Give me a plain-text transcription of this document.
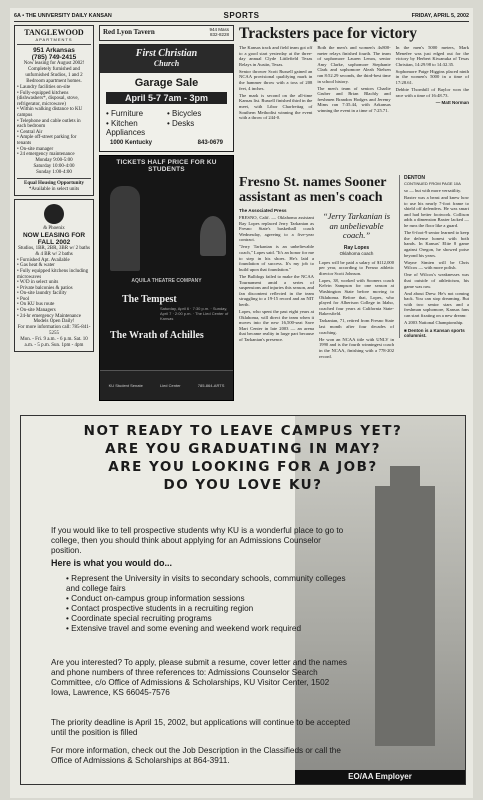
6A • THE UNIVERSITY DAILY KANSAN	SPORTS	FRIDAY, APRIL 5, 2002
TANGLEWOOD
APARTMENTS
951 Arkansas
(785) 749-2415

Now leasing for August 2002! Completely furnished and unfurnished Studios, 1 and 2 Bedroom apartment homes.

• Laundry facilities on-site
• Fully-equipped kitchens (dishwashers*, disposal, stove, refrigerator, microwave)
• Within walking distance to KU campus
• Telephone and cable outlets in each bedroom
• Central Air
• Ample off-street parking for tenants
• On-site manager
• 24 emergency maintenance

Monday 9:00-5:00

Saturday 10:00-4:00

Sunday 1:00-4:00

Equal Housing Opportunity

*Available in select units

& Phoenix

NOW LEASING FOR FALL 2002

Studios, 1BR, 2BR, 3BR w/ 2 baths & 4 BR w/ 2 baths

• Furnished Apt. Available
• Gas heat & water
• Fully equipped kitchens including microwaves
• W/D in select units
• Private balconies & patios
• On-site laundry facility
• Pool
• On KU bus route
• On-site Managers
• 24-hr emergency Maintenance

Models Open Daily!

For more information call: 785-841-5255

Mon. - Fri. 9 a.m. - 6 p.m. Sat. 10 a.m. - 5 p.m. Sun. 1pm - 4pm

Red Lyon Tavern	944 Mass
832-8228
First Christian
Church
Garage Sale
April 5-7 7am - 3pm
• Furniture	• Bicycles
• Kitchen Appliances
• Desks
1000 Kentucky	843-0679
TICKETS HALF PRICE FOR KU STUDENTS
AQUILA THEATRE COMPANY
The Tempest
The Wrath of Achilles
Saturday, April 6 · 7:30 p.m. · Sunday, April 7 · 2:00 p.m. · The Lied Center of Kansas
KU Student Senate	Lied Center	785-864-ARTS
Tracksters pace for victory

The Kansas track and field team got off to a good start yesterday at the three-day annual Clyde Littlefield Texas Relays in Austin, Texas.

Senior thrower Scott Russell gained an NCAA provisional qualifying mark in the hammer throw with a toss of 208 feet, 4 inches.

The mark is second on the all-time Kansas list. Russell finished third in the meet, with Libor Charfreitag of Southern Methodist winning the event with a throw of 244-0.

Both the men's and women's 4x800-meter relays finished fourth. The team of sophomore Lauren Lenox, senior Amy Clarke, sophomore Stephanie Clark and sophomore Aleah Nielsen ran 8:52.29 seconds, the third-best time in school history.

The men's team of seniors Charlie Gruber and Brian Blachly and freshmen Brandon Hodges and Jeremy Mims ran 7:35.44, with Arkansas winning the event in a time of 7:25.71.

In the men's 5000 meters, Mark Menefee was just edged out for the victory by Herbert Kiwanuka of Texas Christian, 14:29.98 to 14:32.35.

Sophomore Paige Higgins placed ninth in the women's 5000 in a time of 17:28.61.

Debbie Thornhill of Baylor won the race with a time of 16:48.73.

— Matt Norman
Fresno St. names Sooner assistant as men's coach
The Associated Press

FRESNO, Calif. — Oklahoma assistant Ray Lopes replaced Jerry Tarkanian as Fresno State's basketball coach Wednesday, agreeing to a five-year contract.

"Jerry Tarkanian is an unbelievable coach," Lopes said. "It's an honor for me to step in his shoes. He's laid a foundation of success. It's my job to build upon that foundation."

The Bulldogs failed to make the NCAA Tournament amid a series of suspensions and injuries this season, and fan discontent reflected in the team struggling to a 19-15 record and an NIT berth.

Lopes, who spent the past eight years at Oklahoma, will direct the team when it moves into the new 16,500-seat Save Mart Center in late 2003 — an arena that became reality in large part because of Tarkanian's presence.

“Jerry Tarkanian is an unbelievable coach.”
Ray Lopes
Oklahoma coach

Lopes will be paid a salary of $112,000 per year, according to Fresno athletic director Scott Johnson.

Lopes, 38, worked with Sooners coach Kelvin Sampson for one season at Washington State before moving to Oklahoma. Before that, Lopes, who played for Albertson College in Idaho, coached four years at California State-Bakersfield.

Tarkanian, 71, retired from Fresno State last month after four decades of coaching.

He won an NCAA title with UNLV in 1990 and is the fourth winningest coach in the NCAA, finishing with a 778-202 record.

DENTON
CONTINUED FROM PAGE 10A

so — but with more versatility.

Baxter was a beast and knew how to use his nearly 7-foot frame to shield off defenders. He was smart and had better footwork. Collison adds a dimension Baxter lacked — he runs the floor like a guard.

The 6-foot-9 senior learned to keep the defense honest with both hands. In Kansas' Elite 8 game against Oregon, he showed poise beyond his years.

Wayne Simien will be Chris Wilcox — with more polish.

One of Wilcox's weaknesses was that outside of athleticism, his game was raw.

And about Drew. He's not coming back. You can stop dreaming. But with two senior stars and a freshman sophomore, Kansas fans can start fixating on a new dream:

A 2003 National Championship.

■ Denton is a Kansan sports columnist.
NOT READY TO LEAVE CAMPUS YET?
ARE YOU GRADUATING IN MAY?
ARE YOU LOOKING FOR A JOB?
DO YOU LOVE KU?
If you would like to tell prospective students why KU is a wonderful place to go to college, then you should think about applying for an Admissions Counselor position.
Here is what you would do...
• Represent the University in visits to secondary schools, community colleges and college fairs
• Conduct on-campus group information sessions
• Contact prospective students in a recruiting region
• Coordinate special recruiting programs
• Extensive travel and some evening and weekend work required
Are you interested? To apply, please submit a resume, cover letter and the names and phone numbers of three references to: Admissions Counselor Search Committee, c/o Office of Admissions & Scholarships, KU Visitor Center, 1502 Iowa, Lawrence, KS 66045-7576
The priority deadline is April 15, 2002, but applications will continue to be accepted until the position is filled
For more information, check out the Job Description in the Classifieds or call the Office of Admissions & Scholarships at 864-3911.
EO/AA Employer
